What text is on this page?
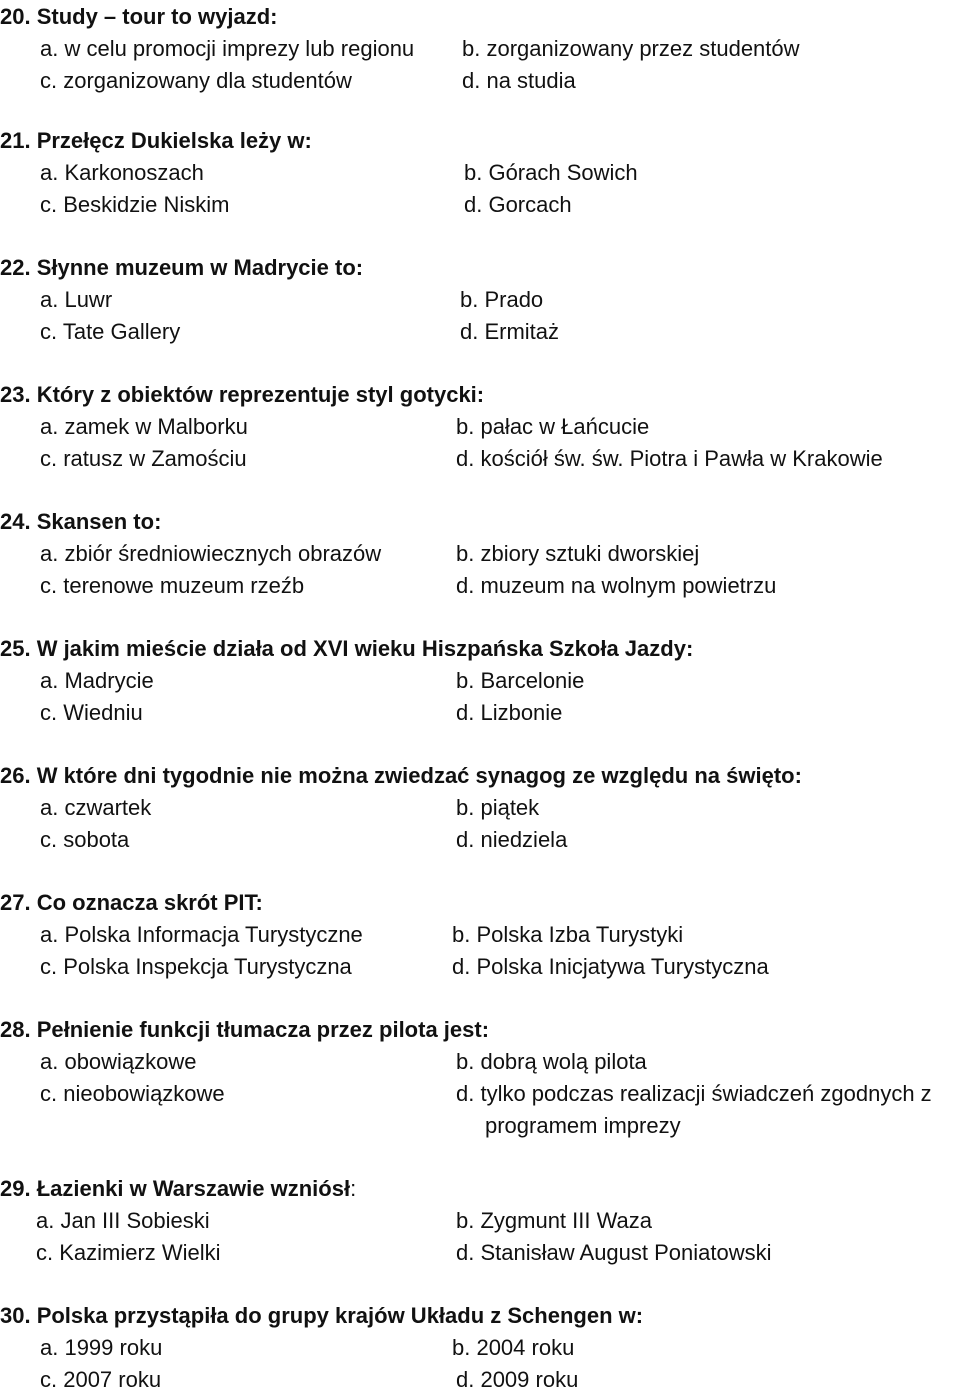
20. Study – tour to wyjazd:
a. w celu promocji imprezy lub regionu b. zorganizowany przez studentów
c. zorganizowany dla studentów	d. na studia
21. Przełęcz Dukielska leży w:
a. Karkonoszach	b. Górach Sowich
c. Beskidzie Niskim	d. Gorcach
22. Słynne muzeum w Madrycie to:
a. Luwr	b. Prado
c. Tate Gallery	d. Ermitaż
23. Który z obiektów reprezentuje styl gotycki:
a. zamek w Malborku	b. pałac w Łańcucie
c. ratusz w Zamościu	d. kościół św. św. Piotra i Pawła w Krakowie
24. Skansen to:
a. zbiór średniowiecznych obrazów	b. zbiory sztuki dworskiej
c. terenowe muzeum rzeźb	d. muzeum na wolnym powietrzu
25. W jakim mieście działa od XVI wieku Hiszpańska Szkoła Jazdy:
a. Madrycie	b. Barcelonie
c. Wiedniu	d. Lizbonie
26. W które dni tygodnie nie można zwiedzać synagog ze względu na święto:
a. czwartek	b. piątek
c. sobota	d. niedziela
27. Co oznacza skrót PIT:
a. Polska Informacja Turystyczne	b. Polska Izba Turystyki
c. Polska Inspekcja Turystyczna	d. Polska Inicjatywa Turystyczna
28. Pełnienie funkcji tłumacza przez pilota jest:
a. obowiązkowe	b. dobrą wolą pilota
c. nieobowiązkowe	d. tylko podczas realizacji świadczeń zgodnych z programem imprezy
29. Łazienki w Warszawie wzniósł:
a. Jan III Sobieski	b. Zygmunt III Waza
c. Kazimierz Wielki	d. Stanisław August Poniatowski
30. Polska przystąpiła do grupy krajów Układu z Schengen w:
a. 1999 roku	b. 2004 roku
c. 2007 roku	d. 2009 roku
